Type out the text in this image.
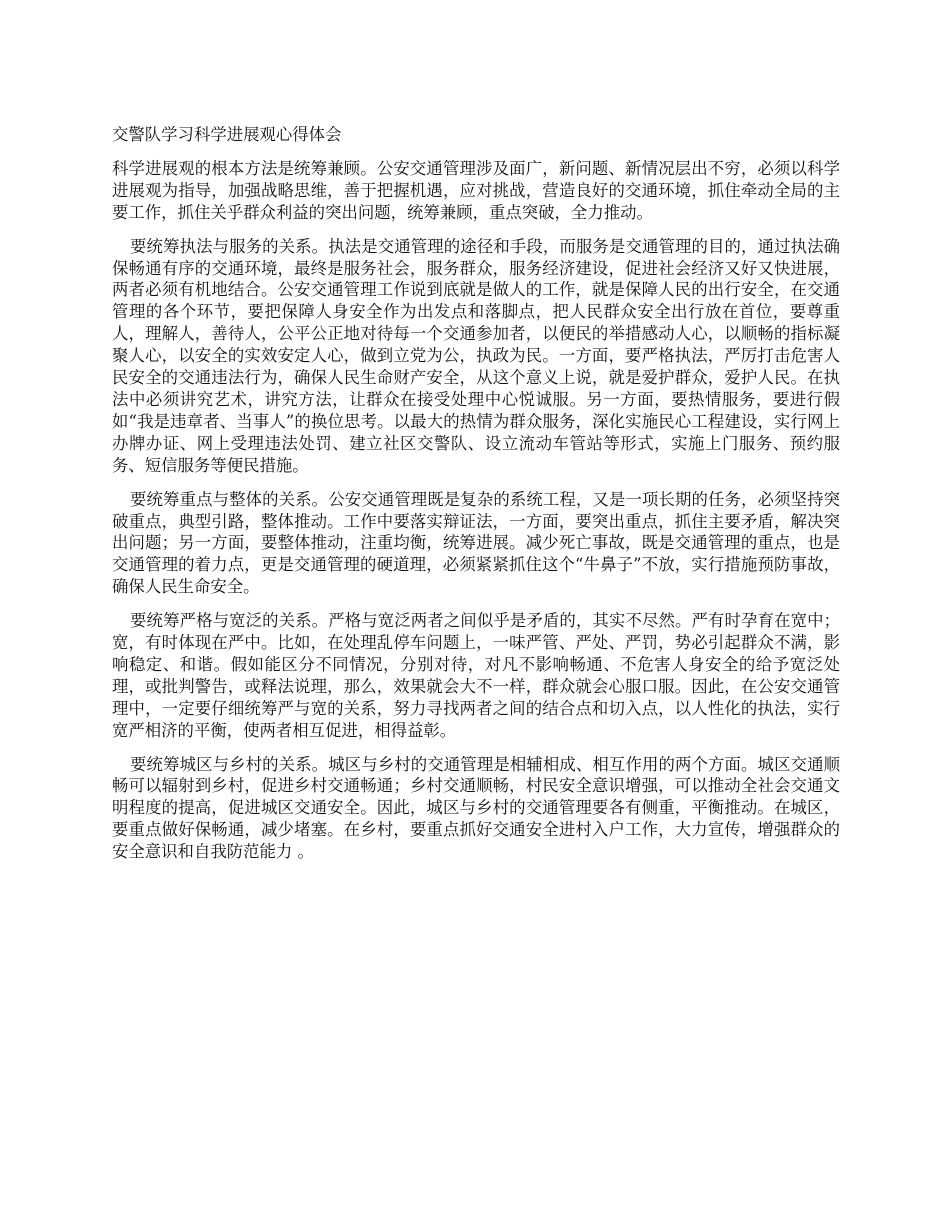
交警队学习科学进展观心得体会

科学进展观的根本方法是统筹兼顾。公安交通管理涉及面广，新问题、新情况层出不穷，必须以科学进展观为指导，加强战略思维，善于把握机遇，应对挑战，营造良好的交通环境，抓住牵动全局的主要工作，抓住关乎群众利益的突出问题，统筹兼顾，重点突破，全力推动。

要统筹执法与服务的关系。执法是交通管理的途径和手段，而服务是交通管理的目的，通过执法确保畅通有序的交通环境，最终是服务社会，服务群众，服务经济建设，促进社会经济又好又快进展，两者必须有机地结合。公安交通管理工作说到底就是做人的工作，就是保障人民的出行安全，在交通管理的各个环节，要把保障人身安全作为出发点和落脚点，把人民群众安全出行放在首位，要尊重人，理解人，善待人，公平公正地对待每一个交通参加者，以便民的举措感动人心，以顺畅的指标凝聚人心，以安全的实效安定人心，做到立党为公，执政为民。一方面，要严格执法，严厉打击危害人民安全的交通违法行为，确保人民生命财产安全，从这个意义上说，就是爱护群众，爱护人民。在执法中必须讲究艺术，讲究方法，让群众在接受处理中心悦诚服。另一方面，要热情服务，要进行假如“我是违章者、当事人”的换位思考。以最大的热情为群众服务，深化实施民心工程建设，实行网上办牌办证、网上受理违法处罚、建立社区交警队、设立流动车管站等形式，实施上门服务、预约服务、短信服务等便民措施。

要统筹重点与整体的关系。公安交通管理既是复杂的系统工程，又是一项长期的任务，必须坚持突破重点，典型引路，整体推动。工作中要落实辩证法，一方面，要突出重点，抓住主要矛盾，解决突出问题；另一方面，要整体推动，注重均衡，统筹进展。减少死亡事故，既是交通管理的重点，也是交通管理的着力点，更是交通管理的硬道理，必须紧紧抓住这个“牛鼻子”不放，实行措施预防事故，确保人民生命安全。

要统筹严格与宽泛的关系。严格与宽泛两者之间似乎是矛盾的，其实不尽然。严有时孕育在宽中；宽，有时体现在严中。比如，在处理乱停车问题上，一味严管、严处、严罚，势必引起群众不满，影响稳定、和谐。假如能区分不同情况，分别对待，对凡不影响畅通、不危害人身安全的给予宽泛处理，或批判警告，或释法说理，那么，效果就会大不一样，群众就会心服口服。因此，在公安交通管理中，一定要仔细统筹严与宽的关系，努力寻找两者之间的结合点和切入点，以人性化的执法，实行宽严相济的平衡，使两者相互促进，相得益彰。

要统筹城区与乡村的关系。城区与乡村的交通管理是相辅相成、相互作用的两个方面。城区交通顺畅可以辐射到乡村，促进乡村交通畅通；乡村交通顺畅，村民安全意识增强，可以推动全社会交通文明程度的提高，促进城区交通安全。因此，城区与乡村的交通管理要各有侧重，平衡推动。在城区，要重点做好保畅通，减少堵塞。在乡村，要重点抓好交通安全进村入户工作，大力宣传，增强群众的安全意识和自我防范能力 。
